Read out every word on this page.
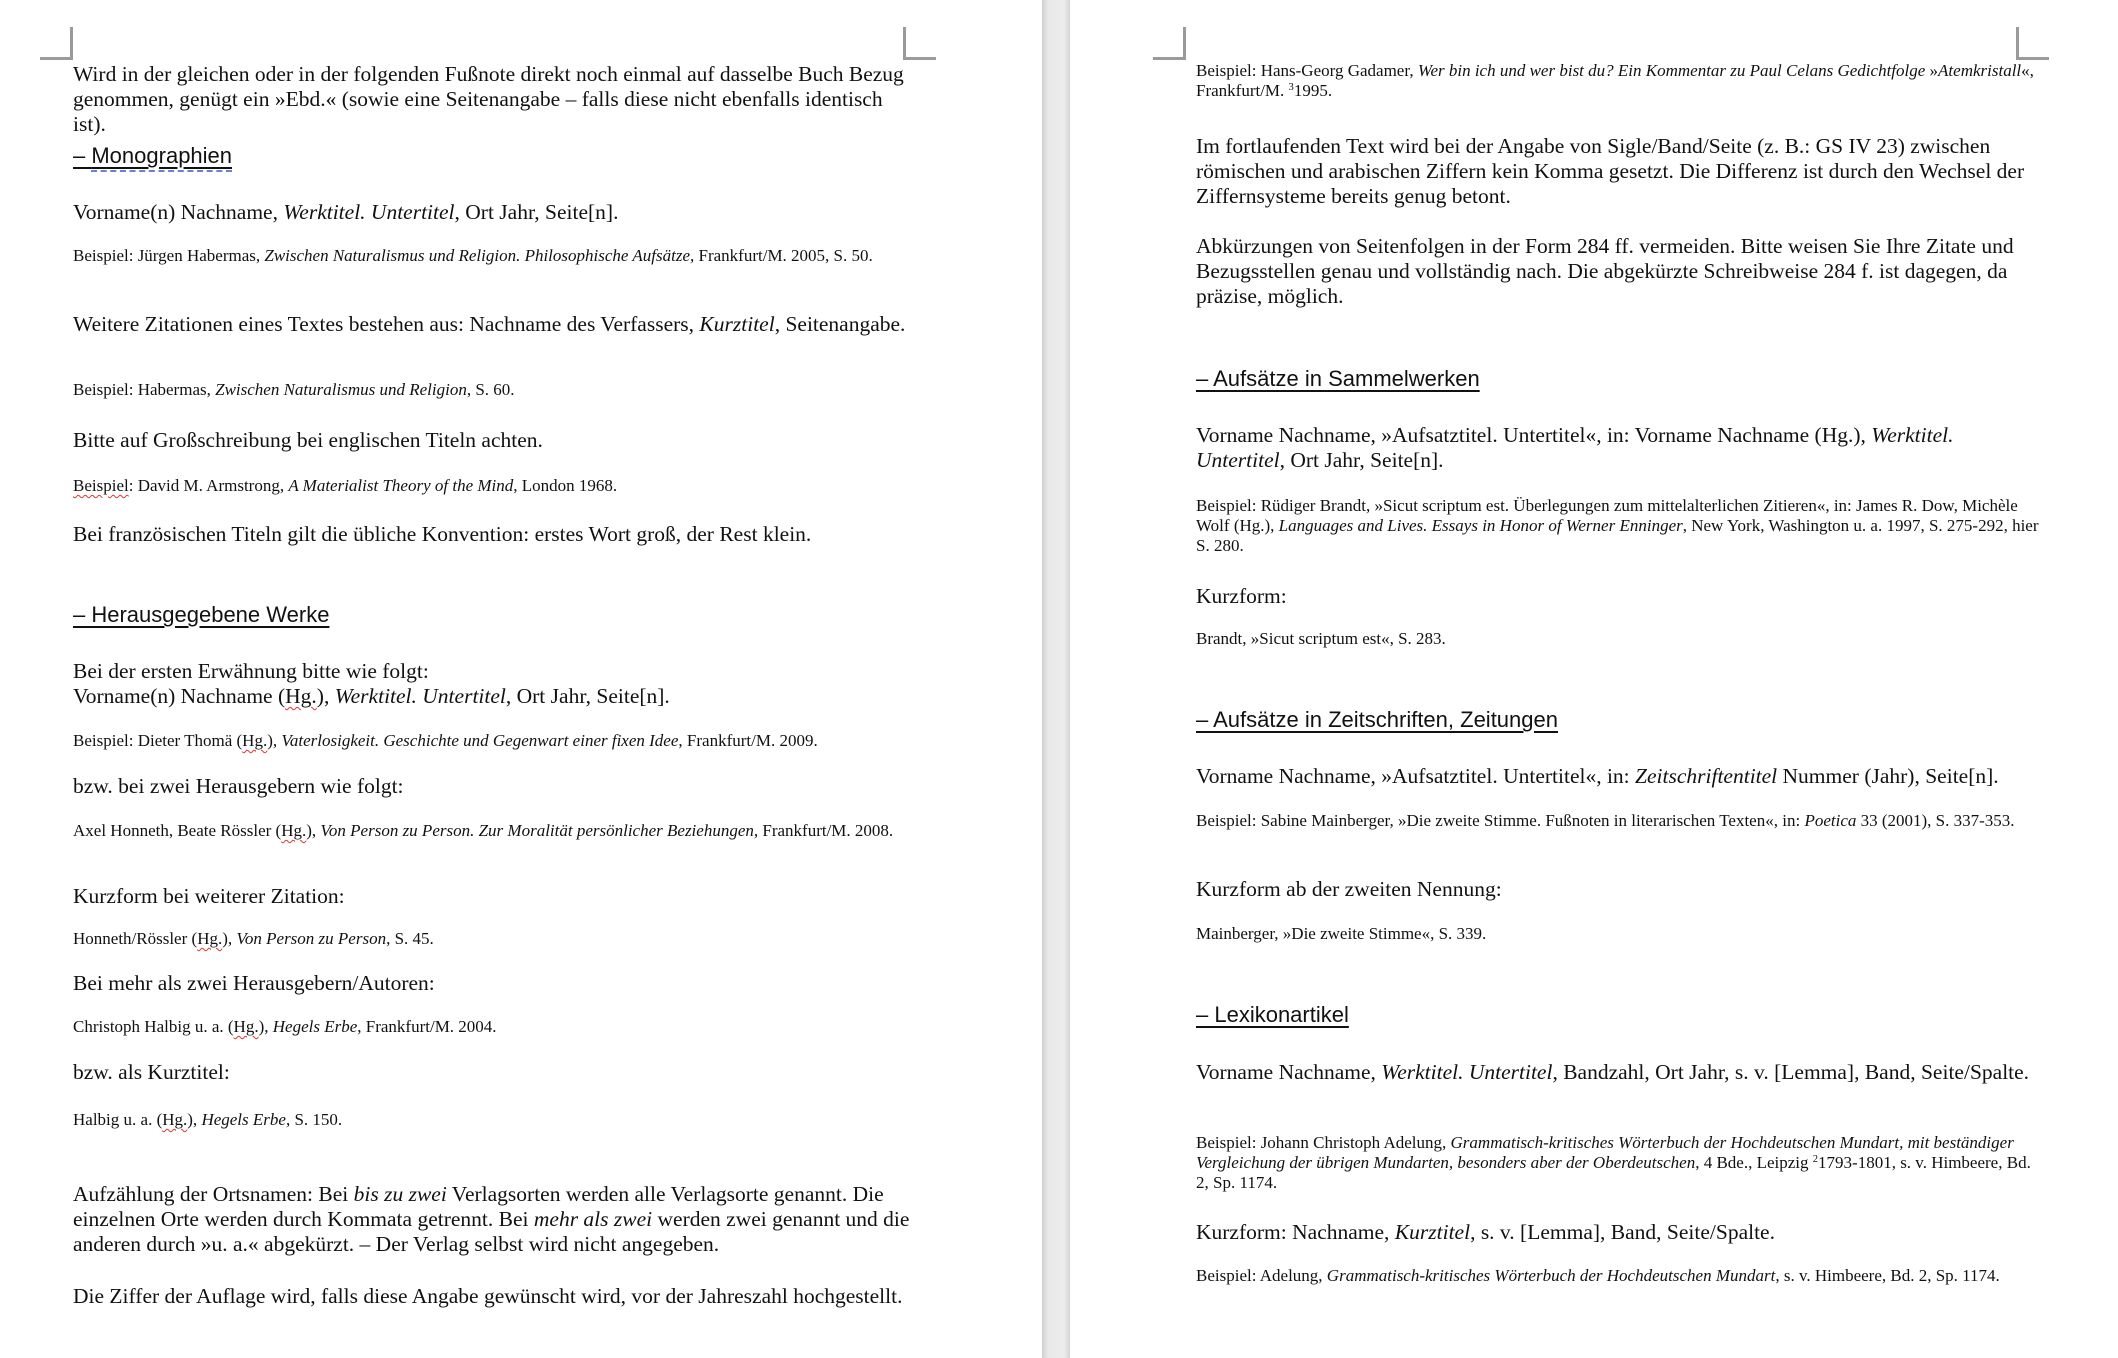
Wird in der gleichen oder in der folgenden Fußnote direkt noch einmal auf dasselbe Buch Bezug genommen, genügt ein »Ebd.« (sowie eine Seitenangabe – falls diese nicht ebenfalls identisch ist).

– Monographien

Vorname(n) Nachname, Werktitel. Untertitel, Ort Jahr, Seite[n].

Beispiel: Jürgen Habermas, Zwischen Naturalismus und Religion. Philosophische Aufsätze, Frankfurt/M. 2005, S. 50.

Weitere Zitationen eines Textes bestehen aus: Nachname des Verfassers, Kurztitel, Seitenangabe.

Beispiel: Habermas, Zwischen Naturalismus und Religion, S. 60.

Bitte auf Großschreibung bei englischen Titeln achten.

Beispiel: David M. Armstrong, A Materialist Theory of the Mind, London 1968.

Bei französischen Titeln gilt die übliche Konvention: erstes Wort groß, der Rest klein.

– Herausgegebene Werke

Bei der ersten Erwähnung bitte wie folgt:

Vorname(n) Nachname (Hg.), Werktitel. Untertitel, Ort Jahr, Seite[n].

Beispiel: Dieter Thomä (Hg.), Vaterlosigkeit. Geschichte und Gegenwart einer fixen Idee, Frankfurt/M. 2009.

bzw. bei zwei Herausgebern wie folgt:

Axel Honneth, Beate Rössler (Hg.), Von Person zu Person. Zur Moralität persönlicher Beziehungen, Frankfurt/M. 2008.

Kurzform bei weiterer Zitation:

Honneth/Rössler (Hg.), Von Person zu Person, S. 45.

Bei mehr als zwei Herausgebern/Autoren:

Christoph Halbig u. a. (Hg.), Hegels Erbe, Frankfurt/M. 2004.

bzw. als Kurztitel:

Halbig u. a. (Hg.), Hegels Erbe, S. 150.

Aufzählung der Ortsnamen: Bei bis zu zwei Verlagsorten werden alle Verlagsorte genannt. Die einzelnen Orte werden durch Kommata getrennt. Bei mehr als zwei werden zwei genannt und die anderen durch »u. a.« abgekürzt. – Der Verlag selbst wird nicht angegeben.

Die Ziffer der Auflage wird, falls diese Angabe gewünscht wird, vor der Jahreszahl hochgestellt.

Beispiel: Hans-Georg Gadamer, Wer bin ich und wer bist du? Ein Kommentar zu Paul Celans Gedichtfolge »Atemkristall«, Frankfurt/M. $^3$1995.

Im fortlaufenden Text wird bei der Angabe von Sigle/Band/Seite (z. B.: GS IV 23) zwischen römischen und arabischen Ziffern kein Komma gesetzt. Die Differenz ist durch den Wechsel der Ziffernsysteme bereits genug betont.

Abkürzungen von Seitenfolgen in der Form 284 ff. vermeiden. Bitte weisen Sie Ihre Zitate und Bezugsstellen genau und vollständig nach. Die abgekürzte Schreibweise 284 f. ist dagegen, da präzise, möglich.

– Aufsätze in Sammelwerken

Vorname Nachname, »Aufsatztitel. Untertitel«, in: Vorname Nachname (Hg.), Werktitel. Untertitel, Ort Jahr, Seite[n].

Beispiel: Rüdiger Brandt, »Sicut scriptum est. Überlegungen zum mittelalterlichen Zitieren«, in: James R. Dow, Michèle Wolf (Hg.), Languages and Lives. Essays in Honor of Werner Enninger, New York, Washington u. a. 1997, S. 275-292, hier S. 280.

Kurzform:

Brandt, »Sicut scriptum est«, S. 283.

– Aufsätze in Zeitschriften, Zeitungen

Vorname Nachname, »Aufsatztitel. Untertitel«, in: Zeitschriftentitel Nummer (Jahr), Seite[n].

Beispiel: Sabine Mainberger, »Die zweite Stimme. Fußnoten in literarischen Texten«, in: Poetica 33 (2001), S. 337-353.

Kurzform ab der zweiten Nennung:

Mainberger, »Die zweite Stimme«, S. 339.

– Lexikonartikel

Vorname Nachname, Werktitel. Untertitel, Bandzahl, Ort Jahr, s. v. [Lemma], Band, Seite/Spalte.

Beispiel: Johann Christoph Adelung, Grammatisch-kritisches Wörterbuch der Hochdeutschen Mundart, mit beständiger Vergleichung der übrigen Mundarten, besonders aber der Oberdeutschen, 4 Bde., Leipzig $^2$1793-1801, s. v. Himbeere, Bd. 2, Sp. 1174.

Kurzform: Nachname, Kurztitel, s. v. [Lemma], Band, Seite/Spalte.

Beispiel: Adelung, Grammatisch-kritisches Wörterbuch der Hochdeutschen Mundart, s. v. Himbeere, Bd. 2, Sp. 1174.
